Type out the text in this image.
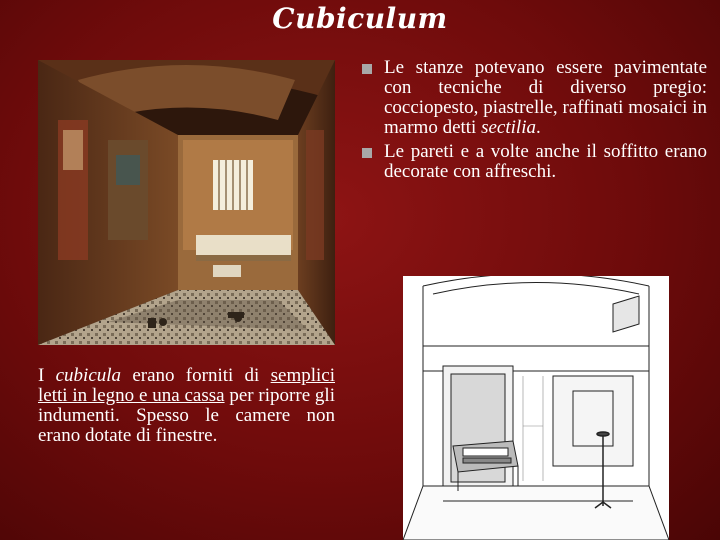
Cubiculum
Le stanze potevano essere pavimentate con tecniche di diverso pregio: cocciopesto, piastrelle, raffinati mosaici in marmo detti sectilia.
Le pareti e a volte anche il soffitto erano decorate con affreschi.
I cubicula erano forniti di semplici letti in legno e una cassa per riporre gli indumenti. Spesso le camere non erano dotate di finestre.
